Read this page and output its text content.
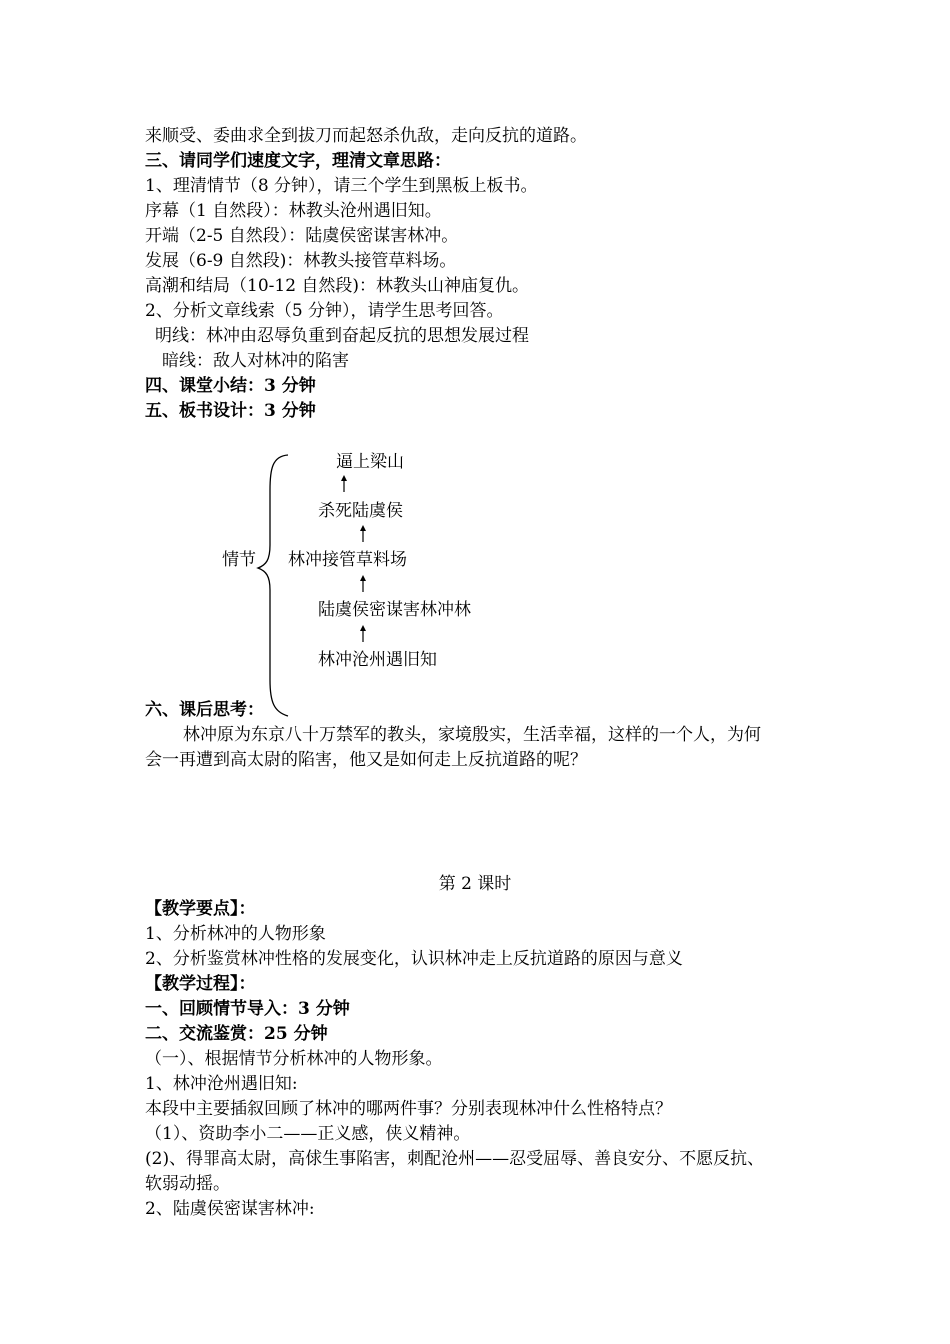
来顺受、委曲求全到拔刀而起怒杀仇敌，走向反抗的道路。

三、请同学们速度文字，理清文章思路：

1、理清情节（8 分钟），请三个学生到黑板上板书。

序幕（1 自然段）：林教头沧州遇旧知。

开端（2-5 自然段）：陆虞侯密谋害林冲。

发展（6-9 自然段)：林教头接管草料场。

高潮和结局（10-12 自然段)：林教头山神庙复仇。

2、分析文章线索（5 分钟），请学生思考回答。

明线：林冲由忍辱负重到奋起反抗的思想发展过程

暗线：敌人对林冲的陷害

四、课堂小结：3 分钟

五、板书设计：3 分钟

情节
逼上梁山
杀死陆虞侯
林冲接管草料场
陆虞侯密谋害林冲林
林冲沧州遇旧知

六、课后思考：

林冲原为东京八十万禁军的教头，家境殷实，生活幸福，这样的一个人，为何

会一再遭到高太尉的陷害，他又是如何走上反抗道路的呢？

第 2 课时

【教学要点】：

1、分析林冲的人物形象

2、分析鉴赏林冲性格的发展变化，认识林冲走上反抗道路的原因与意义

【教学过程】：

一、回顾情节导入：3 分钟

二、交流鉴赏：25 分钟

（一）、根据情节分析林冲的人物形象。

1、林冲沧州遇旧知:

本段中主要插叙回顾了林冲的哪两件事？分别表现林冲什么性格特点？

（1）、资助李小二——正义感，侠义精神。

(2)、得罪高太尉，高俅生事陷害，刺配沧州——忍受屈辱、善良安分、不愿反抗、

软弱动摇。

2、陆虞侯密谋害林冲:
